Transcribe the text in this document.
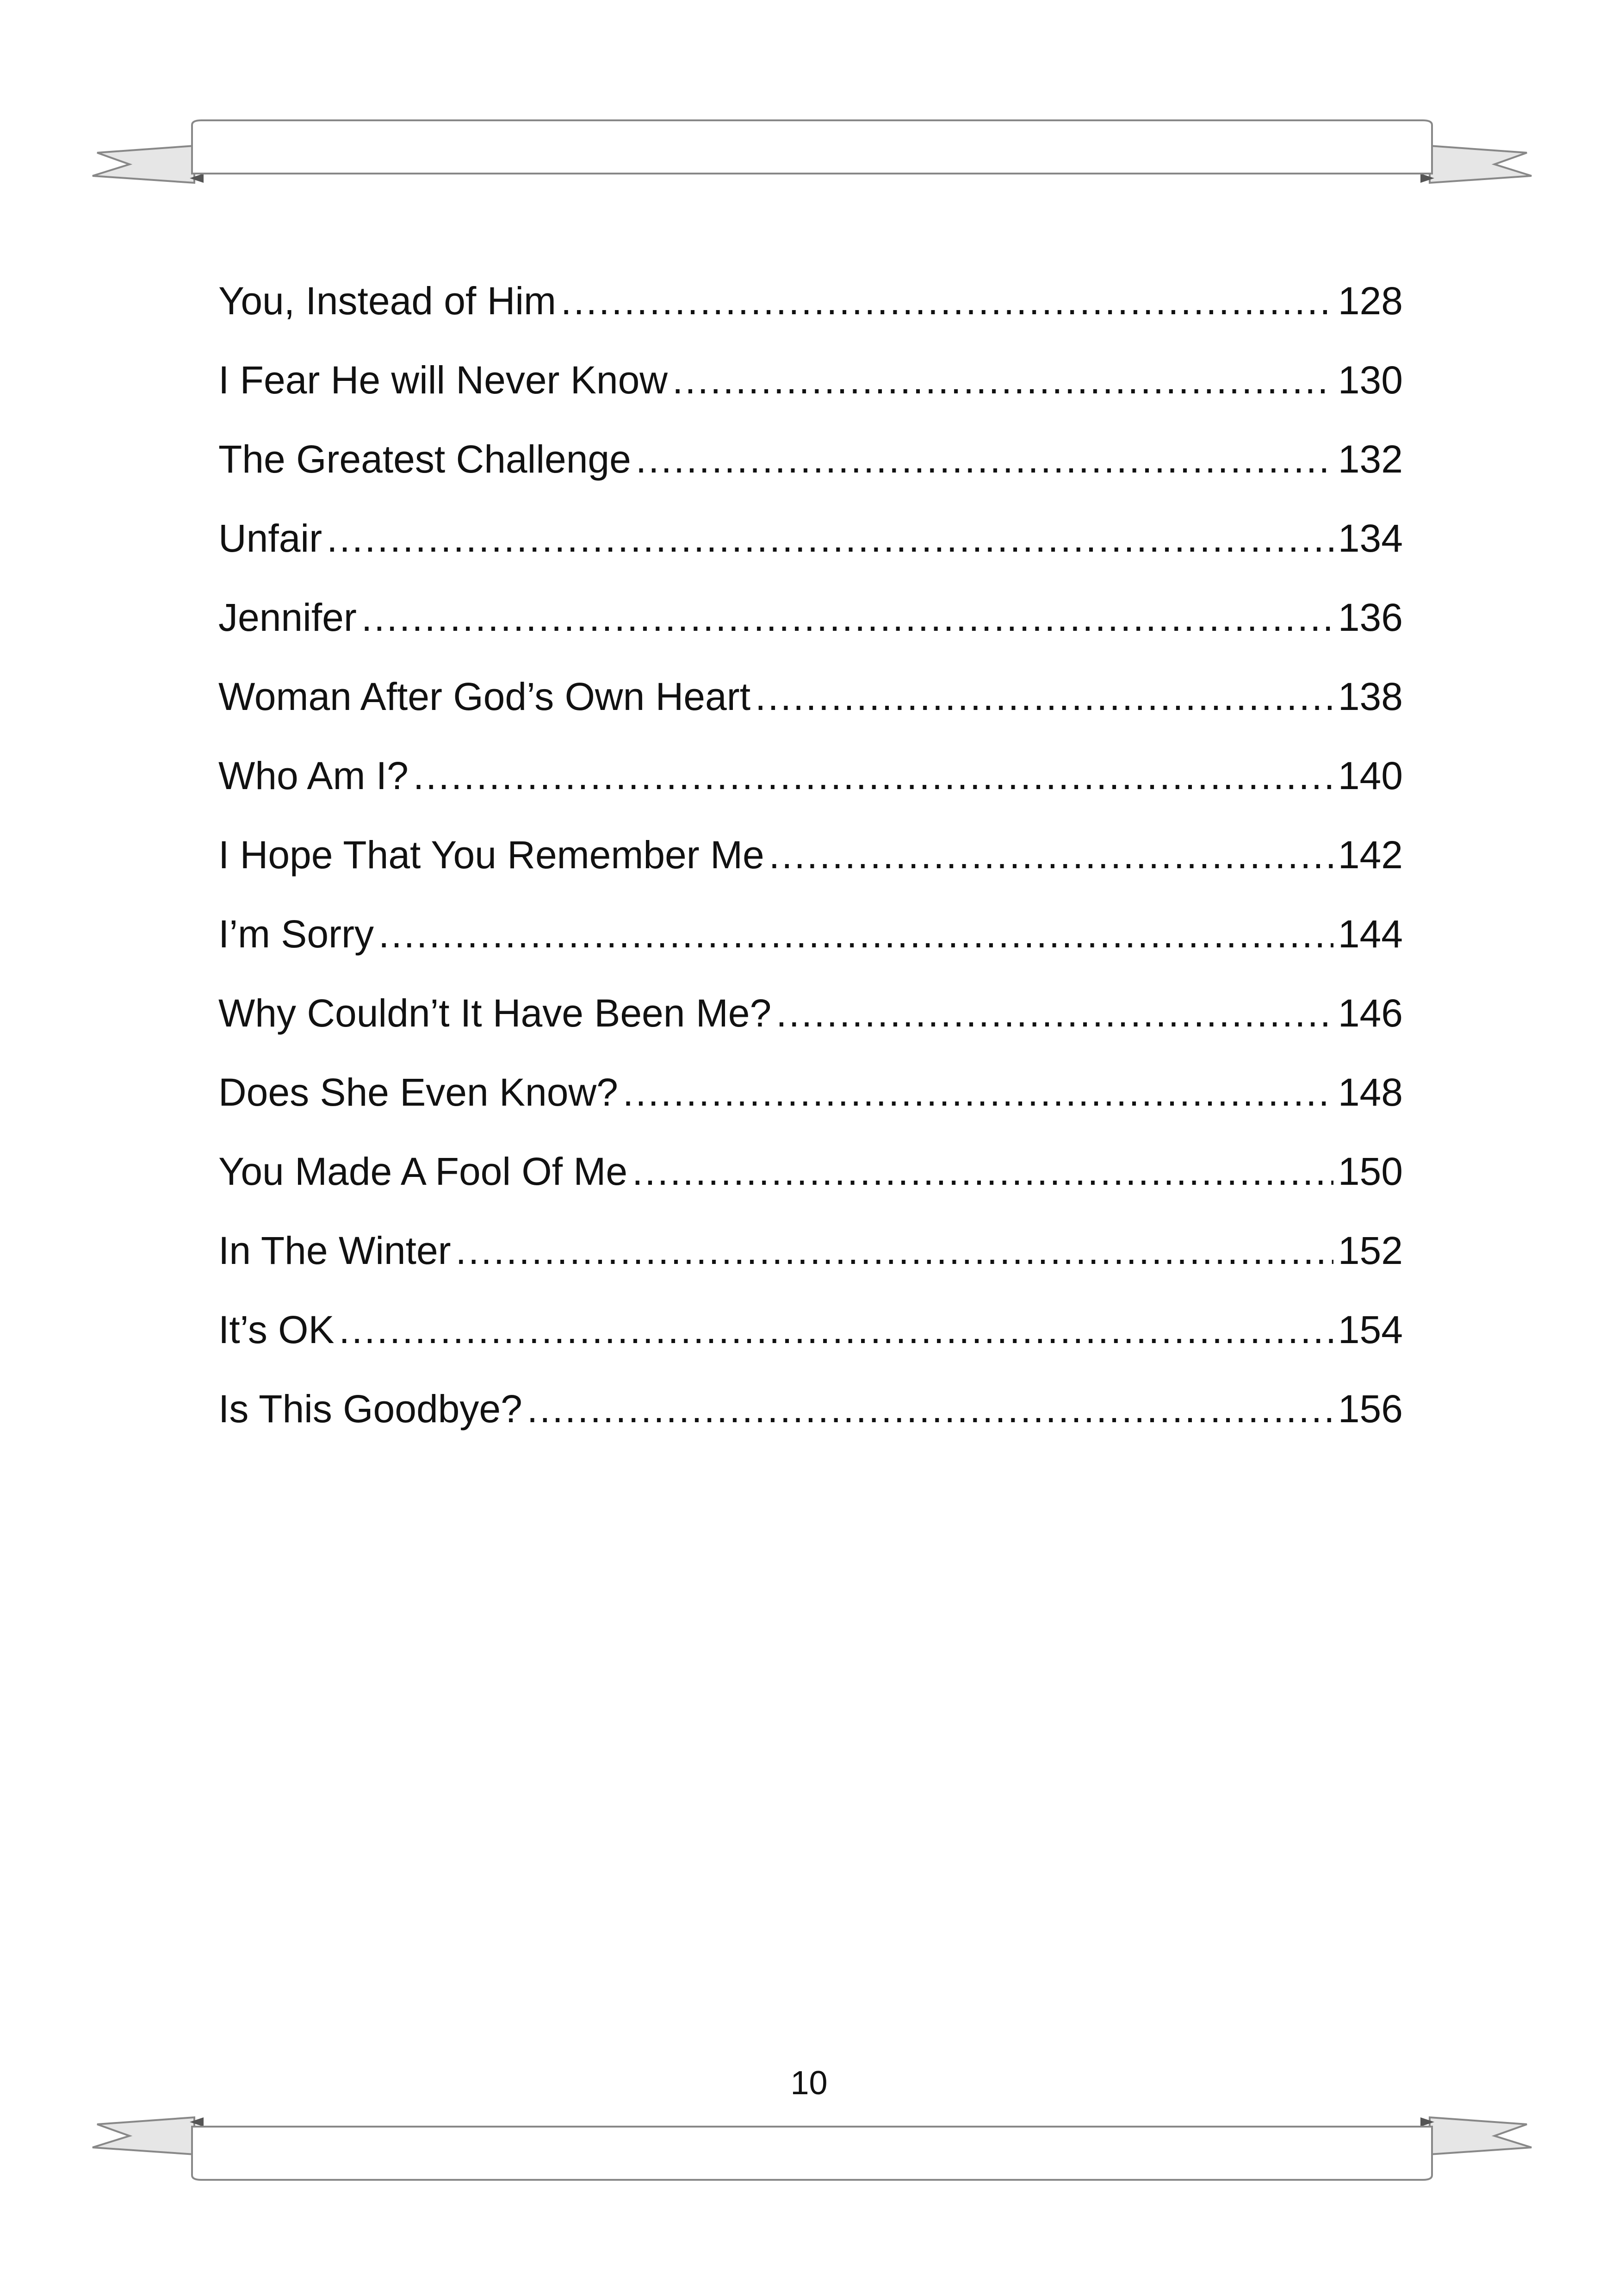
You, Instead of Him .....	128
I Fear He will Never Know .....	130
The Greatest Challenge .....	132
Unfair .....	134
Jennifer .....	136
Woman After God’s Own Heart .....	138
Who Am I? .....	140
I Hope That You Remember Me .....	142
I’m Sorry .....	144
Why Couldn’t It Have Been Me? .....	146
Does She Even Know? .....	148
You Made A Fool Of Me .....	150
In The Winter .....	152
It’s OK .....	154
Is This Goodbye? .....	156
10
